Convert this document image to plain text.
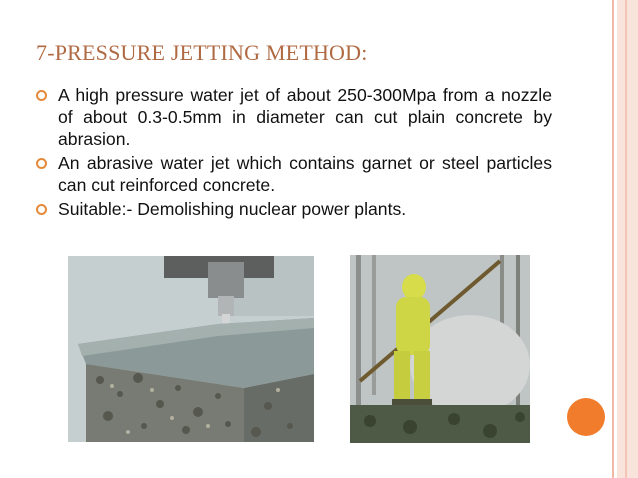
7-PRESSURE JETTING METHOD:
A high pressure water jet of about 250-300Mpa from a nozzle of about 0.3-0.5mm in diameter can cut plain concrete by abrasion.
An abrasive water jet which contains garnet or steel particles can cut reinforced concrete.
Suitable:- Demolishing nuclear power plants.
